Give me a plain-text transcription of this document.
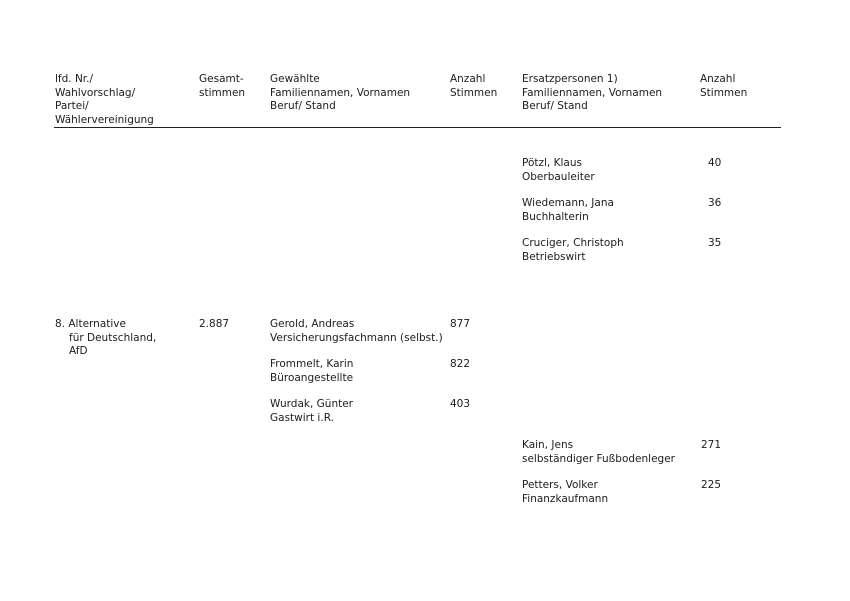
lfd. Nr./
Wahlvorschlag/
Partei/
Wählervereinigung
Gesamt-
stimmen
Gewählte
Familiennamen, Vornamen
Beruf/ Stand
Anzahl
Stimmen
Ersatzpersonen 1)
Familiennamen, Vornamen
Beruf/ Stand
Anzahl
Stimmen
Pötzl, Klaus
Oberbauleiter
40
Wiedemann, Jana
Buchhalterin
36
Cruciger, Christoph
Betriebswirt
35
8. Alternative
für Deutschland,
AfD
2.887	Gerold, Andreas
Versicherungsfachmann (selbst.)
877
Frommelt, Karin
Büroangestellte
822
Wurdak, Günter
Gastwirt i.R.
403
Kain, Jens
selbständiger Fußbodenleger
271
Petters, Volker
Finanzkaufmann
225
